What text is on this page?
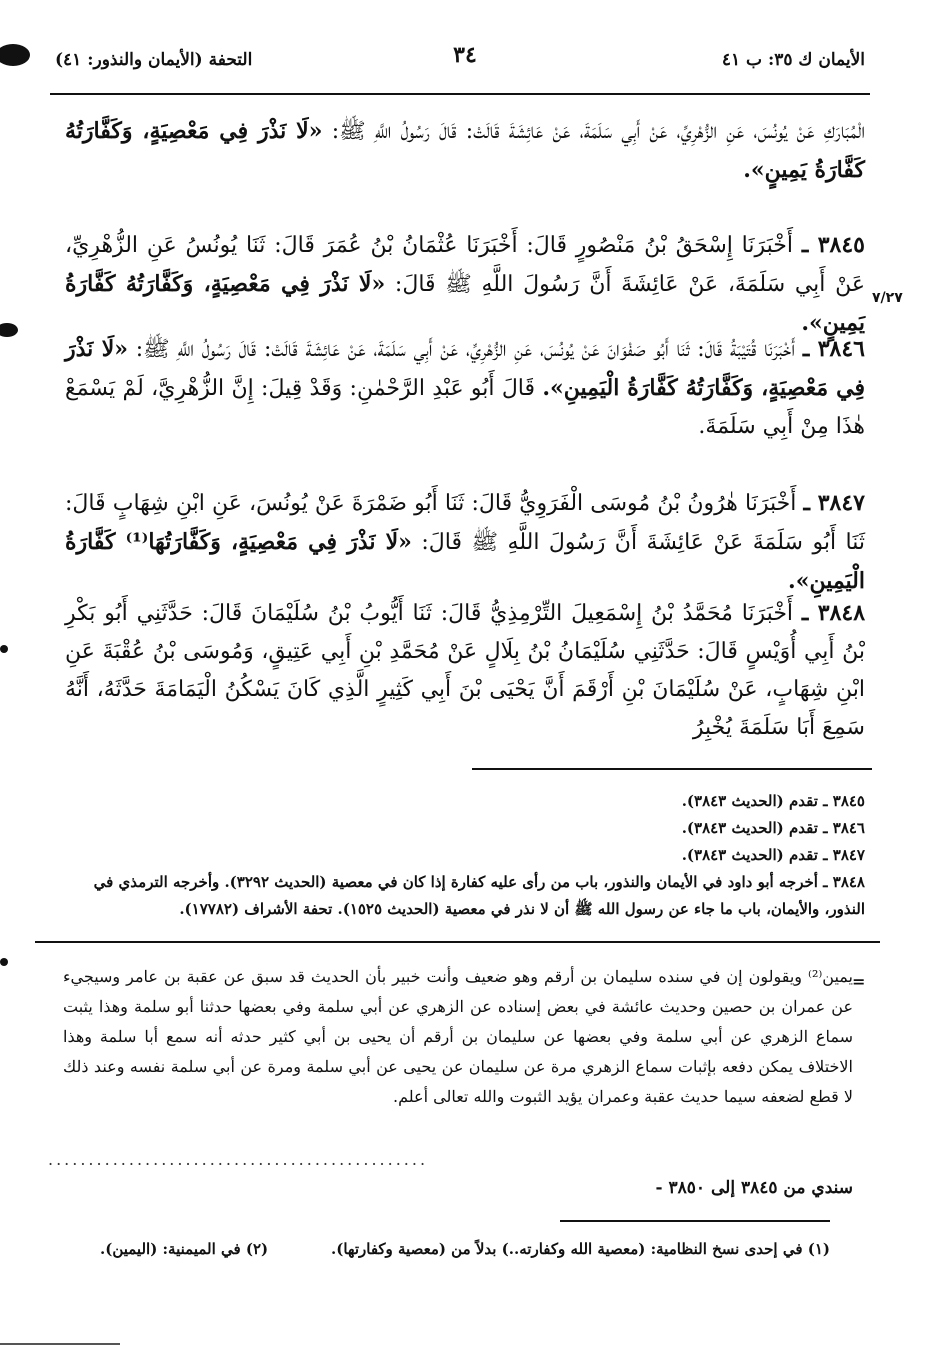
التحفة (الأيمان والنذور: ٤١)	٣٤	الأيمان ك ٣٥: ب ٤١
الْمُبَارَكِ عَنْ يُونُسَ، عَنِ الزُّهْرِيِّ، عَنْ أَبِي سَلَمَةَ، عَنْ عَائِشَةَ قَالَتْ: قَالَ رَسُولُ اللَّهِ ﷺ: «لَا نَذْرَ فِي مَعْصِيَةٍ، وَكَفَّارَتُهُ كَفَّارَةُ يَمِينٍ».
٣٨٤٥ ـ أَخْبَرَنَا إِسْحَقُ بْنُ مَنْصُورٍ قَالَ: أَخْبَرَنَا عُثْمَانُ بْنُ عُمَرَ قَالَ: ثَنَا يُونُسُ عَنِ الزُّهْرِيِّ، عَنْ أَبِي سَلَمَةَ، عَنْ عَائِشَةَ أَنَّ رَسُولَ اللَّهِ ﷺ قَالَ: «لَا نَذْرَ فِي مَعْصِيَةٍ، وَكَفَّارَتُهُ كَفَّارَةُ يَمِينٍ».
٧/٢٧
٣٨٤٦ ـ أَخْبَرَنَا قُتَيْبَةُ قَالَ: ثَنَا أَبُو صَفْوَانَ عَنْ يُونُسَ، عَنِ الزُّهْرِيِّ، عَنْ أَبِي سَلَمَةَ، عَنْ عَائِشَةَ قَالَتْ: قَالَ رَسُولُ اللَّهِ ﷺ: «لَا نَذْرَ فِي مَعْصِيَةٍ، وَكَفَّارَتُهُ كَفَّارَةُ الْيَمِينِ». قَالَ أَبُو عَبْدِ الرَّحْمٰنِ: وَقَدْ قِيلَ: إِنَّ الزُّهْرِيَّ، لَمْ يَسْمَعْ هٰذَا مِنْ أَبِي سَلَمَةَ.
٣٨٤٧ ـ أَخْبَرَنَا هٰرُونُ بْنُ مُوسَى الْفَرَوِيُّ قَالَ: ثَنَا أَبُو ضَمْرَةَ عَنْ يُونُسَ، عَنِ ابْنِ شِهَابٍ قَالَ: ثَنَا أَبُو سَلَمَةَ عَنْ عَائِشَةَ أَنَّ رَسُولَ اللَّهِ ﷺ قَالَ: «لَا نَذْرَ فِي مَعْصِيَةٍ، وَكَفَّارَتُهَا⁽¹⁾ كَفَّارَةُ الْيَمِينِ».
٣٨٤٨ ـ أَخْبَرَنَا مُحَمَّدُ بْنُ إِسْمَعِيلَ التِّرْمِذِيُّ قَالَ: ثَنَا أَيُّوبُ بْنُ سُلَيْمَانَ قَالَ: حَدَّثَنِي أَبُو بَكْرِ بْنُ أَبِي أُوَيْسٍ قَالَ: حَدَّثَنِي سُلَيْمَانُ بْنُ بِلَالٍ عَنْ مُحَمَّدِ بْنِ أَبِي عَتِيقٍ، وَمُوسَى بْنُ عُقْبَةَ عَنِ ابْنِ شِهَابٍ، عَنْ سُلَيْمَانَ بْنِ أَرْقَمَ أَنَّ يَحْيَى بْنَ أَبِي كَثِيرٍ الَّذِي كَانَ يَسْكُنُ الْيَمَامَةَ حَدَّثَهُ، أَنَّهُ سَمِعَ أَبَا سَلَمَةَ يُخْبِرُ

٣٨٤٥ ـ تقدم (الحديث ٣٨٤٣).

٣٨٤٦ ـ تقدم (الحديث ٣٨٤٣).

٣٨٤٧ ـ تقدم (الحديث ٣٨٤٣).

٣٨٤٨ ـ أخرجه أبو داود في الأيمان والنذور، باب من رأى عليه كفارة إذا كان في معصية (الحديث ٣٢٩٢). وأخرجه الترمذي في النذور، والأيمان، باب ما جاء عن رسول الله ﷺ أن لا نذر في معصية (الحديث ١٥٢٥). تحفة الأشراف (١٧٧٨٢).

=
يمين⁽²⁾ ويقولون إن في سنده سليمان بن أرقم وهو ضعيف وأنت خبير بأن الحديث قد سبق عن عقبة بن عامر وسيجيء عن عمران بن حصين وحديث عائشة في بعض إسناده عن الزهري عن أبي سلمة وفي بعضها حدثنا أبو سلمة وهذا يثبت سماع الزهري عن أبي سلمة وفي بعضها عن سليمان بن أرقم أن يحيى بن أبي كثير حدثه أنه سمع أبا سلمة وهذا الاختلاف يمكن دفعه بإثبات سماع الزهري مرة عن سليمان عن يحيى عن أبي سلمة ومرة عن أبي سلمة نفسه وعند ذلك لا قطع لضعفه سيما حديث عقبة وعمران يؤيد الثبوت والله تعالى أعلم.
...............................................
سندي من ٣٨٤٥ إلى ٣٨٥٠ -
(١) في إحدى نسخ النظامية: (معصية الله وكفارته..) بدلاً من (معصية وكفارتها).
(٢) في الميمنية: (اليمين).
